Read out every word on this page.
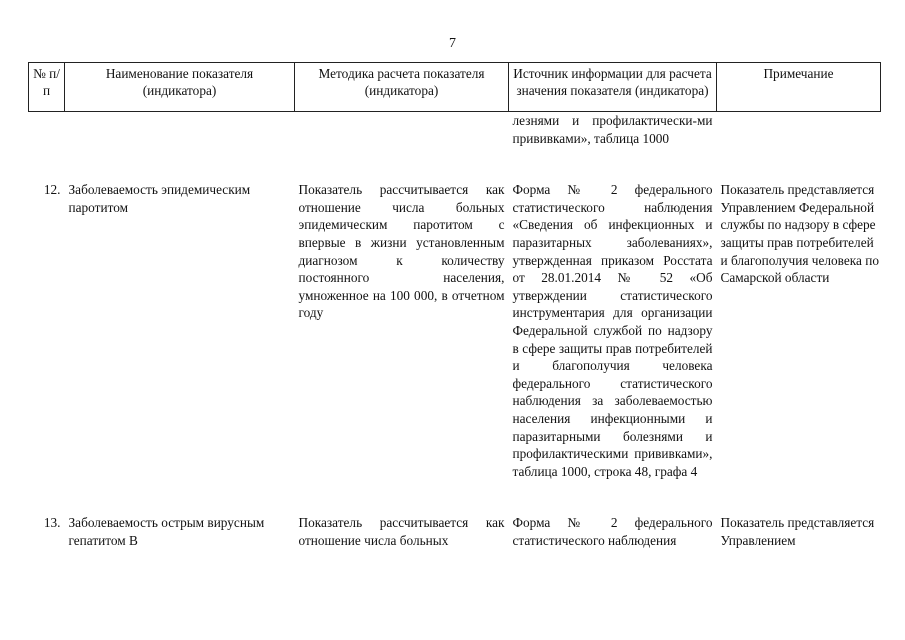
7
№ п/п	Наименование показателя (индикатора)	Методика расчета показателя (индикатора)	Источник информации для расчета значения показателя (индикатора)	Примечание
			лезнями и профилактически-ми прививками», таблица 1000	

12.	Заболеваемость эпидемическим паротитом	Показатель рассчитывается как отношение числа больных эпидемическим паротитом с впервые в жизни установленным диагнозом к количеству постоянного населения, умноженное на 100 000, в отчетном году	Форма № 2 федерального статистического наблюдения «Сведения об инфекционных и паразитарных заболеваниях», утвержденная приказом Росстата от 28.01.2014 № 52 «Об утверждении статистического инструментария для организации Федеральной службой по надзору в сфере защиты прав потребителей и благополучия человека федерального статистического наблюдения за заболеваемостью населения инфекционными и паразитарными болезнями и профилактическими прививками», таблица 1000, строка 48, графа 4	Показатель представляется Управлением Федеральной службы по надзору в сфере защиты прав потребителей и благополучия человека по Самарской области

13.	Заболеваемость острым вирусным гепатитом В	Показатель рассчитывается как отношение числа больных	Форма № 2 федерального статистического наблюдения	Показатель представляется Управлением
